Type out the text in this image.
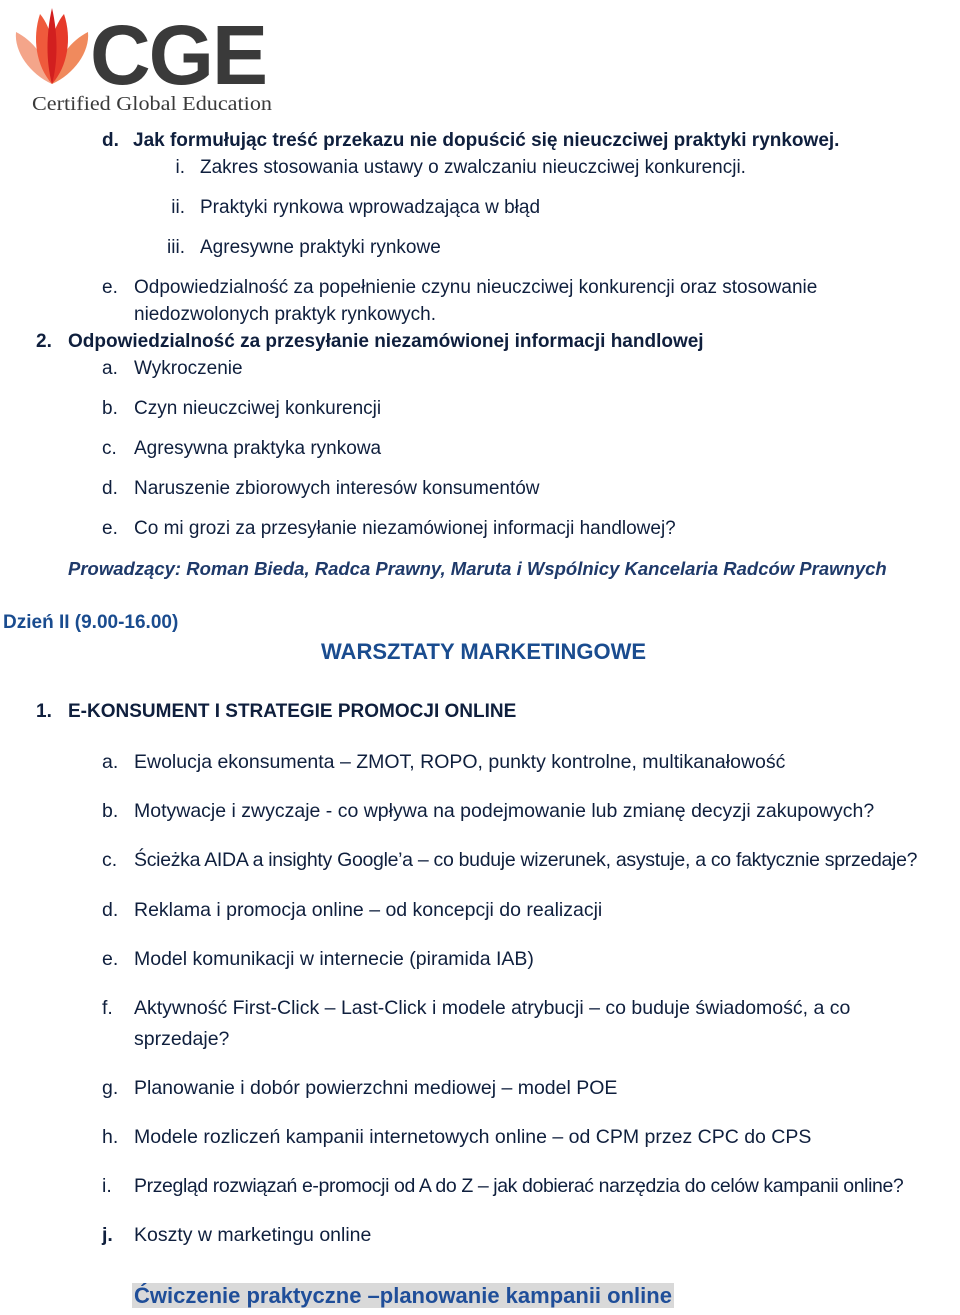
CGE
Certified Global Education
d. Jak formułując treść przekazu nie dopuścić się nieuczciwej praktyki rynkowej.
i. Zakres stosowania ustawy o zwalczaniu nieuczciwej konkurencji.
ii. Praktyki rynkowa wprowadzająca w błąd
iii. Agresywne praktyki rynkowe
e. Odpowiedzialność za popełnienie czynu nieuczciwej konkurencji oraz stosowanie
niedozwolonych praktyk rynkowych.
2. Odpowiedzialność za przesyłanie niezamówionej informacji handlowej
a. Wykroczenie
b. Czyn nieuczciwej konkurencji
c. Agresywna praktyka rynkowa
d. Naruszenie zbiorowych interesów konsumentów
e. Co mi grozi za przesyłanie niezamówionej informacji handlowej?
Prowadzący: Roman Bieda, Radca Prawny, Maruta i Wspólnicy Kancelaria Radców Prawnych
Dzień II (9.00-16.00)
WARSZTATY MARKETINGOWE
1. E-KONSUMENT I STRATEGIE PROMOCJI ONLINE
a. Ewolucja ekonsumenta – ZMOT, ROPO, punkty kontrolne, multikanałowość
b. Motywacje i zwyczaje - co wpływa na podejmowanie lub zmianę decyzji zakupowych?
c. Ścieżka AIDA a insighty Google’a – co buduje wizerunek, asystuje, a co faktycznie sprzedaje?
d. Reklama i promocja online – od koncepcji do realizacji
e. Model komunikacji w internecie (piramida IAB)
f. Aktywność First-Click – Last-Click i modele atrybucji – co buduje świadomość, a co
sprzedaje?
g. Planowanie i dobór powierzchni mediowej – model POE
h. Modele rozliczeń kampanii internetowych online – od CPM przez CPC do CPS
i. Przegląd rozwiązań e-promocji od A do Z – jak dobierać narzędzia do celów kampanii online?
j. Koszty w marketingu online
Ćwiczenie praktyczne –planowanie kampanii online
